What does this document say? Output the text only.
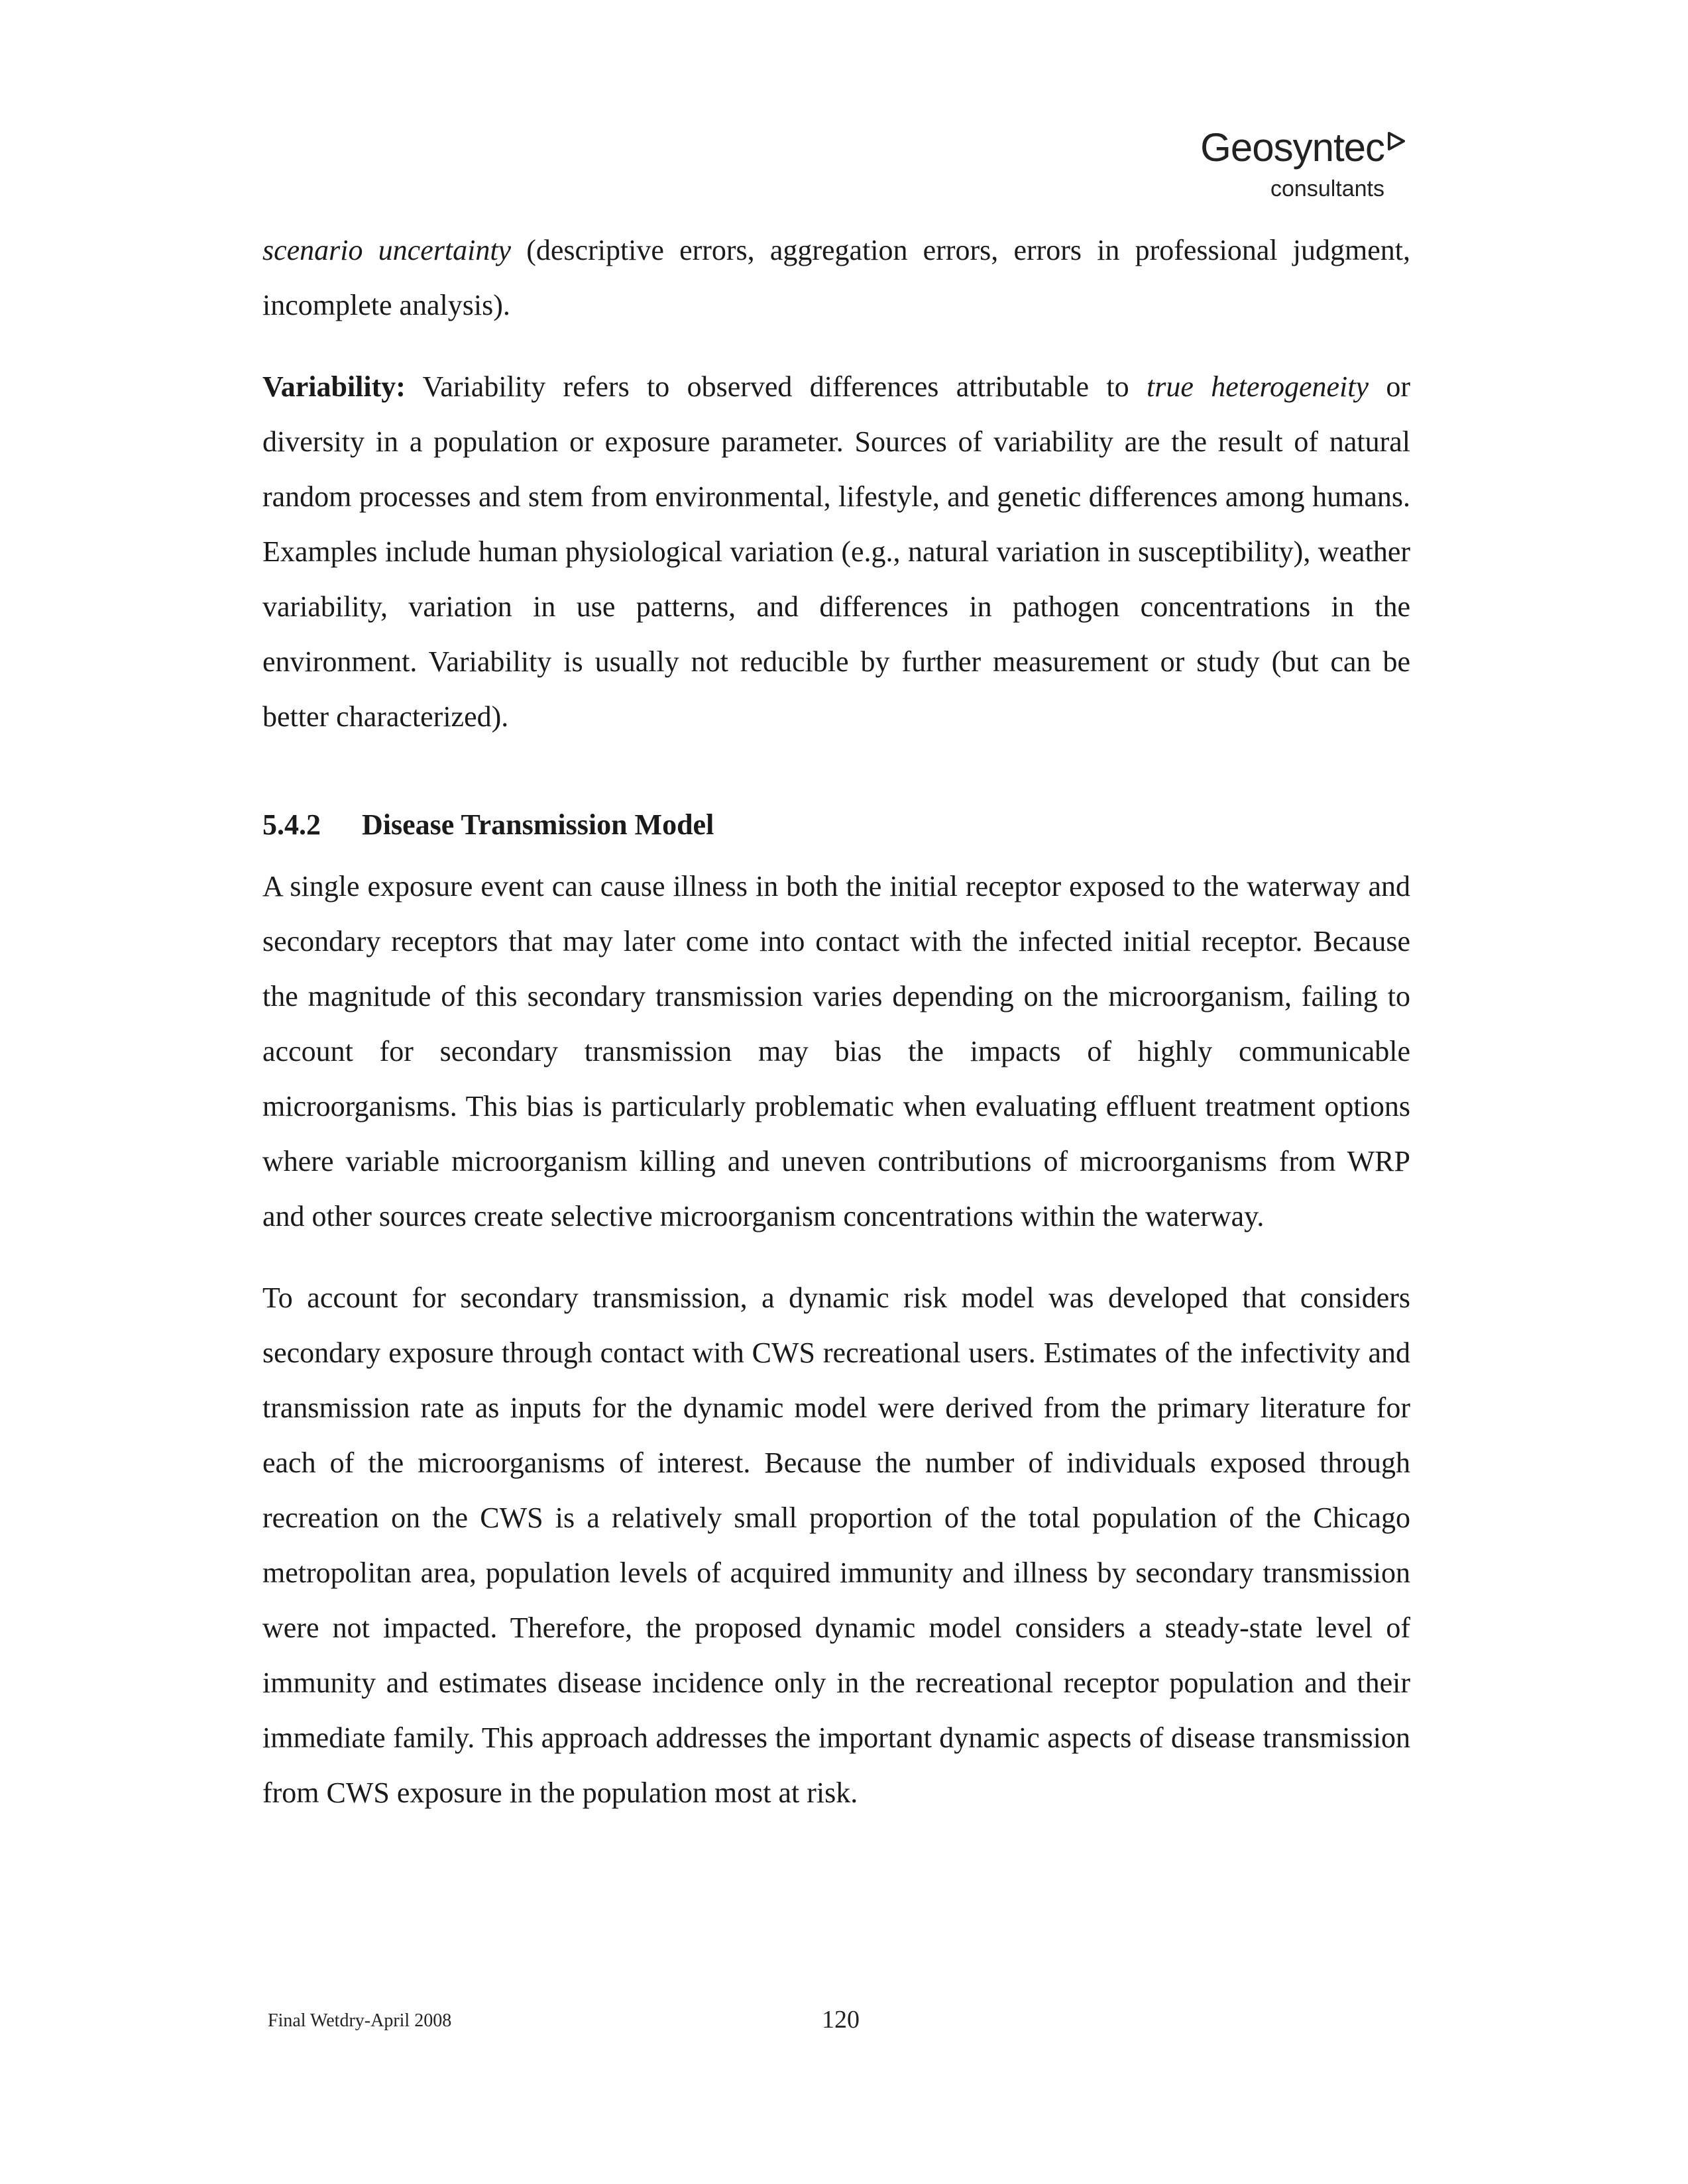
Geosyntec
consultants

scenario uncertainty (descriptive errors, aggregation errors, errors in professional judgment, incomplete analysis).

Variability: Variability refers to observed differences attributable to true heterogeneity or diversity in a population or exposure parameter. Sources of variability are the result of natural random processes and stem from environmental, lifestyle, and genetic differences among humans. Examples include human physiological variation (e.g., natural variation in susceptibility), weather variability, variation in use patterns, and differences in pathogen concentrations in the environment. Variability is usually not reducible by further measurement or study (but can be better characterized).

5.4.2 Disease Transmission Model

A single exposure event can cause illness in both the initial receptor exposed to the waterway and secondary receptors that may later come into contact with the infected initial receptor. Because the magnitude of this secondary transmission varies depending on the microorganism, failing to account for secondary transmission may bias the impacts of highly communicable microorganisms. This bias is particularly problematic when evaluating effluent treatment options where variable microorganism killing and uneven contributions of microorganisms from WRP and other sources create selective microorganism concentrations within the waterway.

To account for secondary transmission, a dynamic risk model was developed that considers secondary exposure through contact with CWS recreational users. Estimates of the infectivity and transmission rate as inputs for the dynamic model were derived from the primary literature for each of the microorganisms of interest. Because the number of individuals exposed through recreation on the CWS is a relatively small proportion of the total population of the Chicago metropolitan area, population levels of acquired immunity and illness by secondary transmission were not impacted. Therefore, the proposed dynamic model considers a steady-state level of immunity and estimates disease incidence only in the recreational receptor population and their immediate family. This approach addresses the important dynamic aspects of disease transmission from CWS exposure in the population most at risk.

Final Wetdry-April 2008	120
